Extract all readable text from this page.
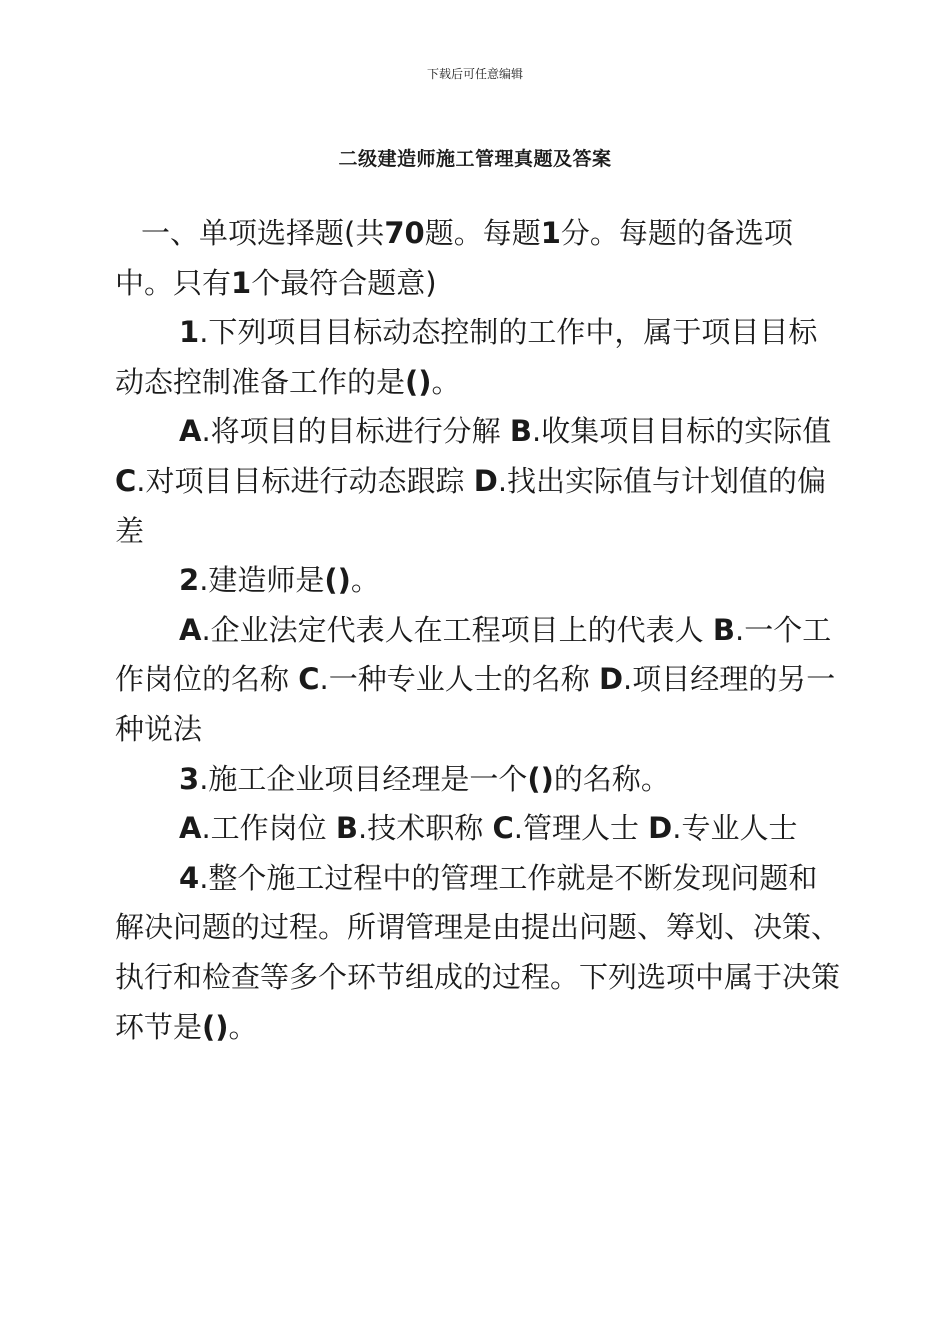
下载后可任意编辑
二级建造师施工管理真题及答案

一、单项选择题(共70题。每题1分。每题的备选项中。只有1个最符合题意)

1.下列项目目标动态控制的工作中，属于项目目标动态控制准备工作的是()。

A.将项目的目标进行分解 B.收集项目目标的实际值 C.对项目目标进行动态跟踪 D.找出实际值与计划值的偏差

2.建造师是()。

A.企业法定代表人在工程项目上的代表人 B.一个工作岗位的名称 C.一种专业人士的名称 D.项目经理的另一种说法

3.施工企业项目经理是一个()的名称。

A.工作岗位 B.技术职称 C.管理人士 D.专业人士

4.整个施工过程中的管理工作就是不断发现问题和解决问题的过程。所谓管理是由提出问题、筹划、决策、执行和检查等多个环节组成的过程。下列选项中属于决策环节是()。
